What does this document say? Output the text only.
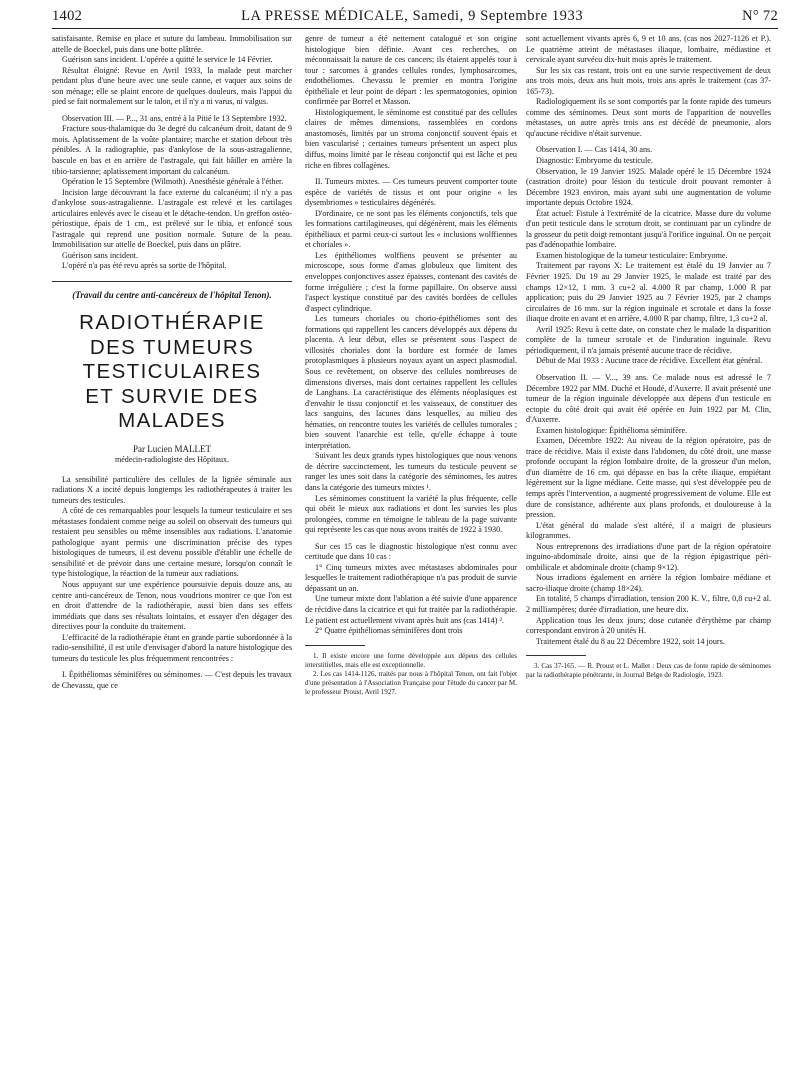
1402	LA PRESSE MÉDICALE, Samedi, 9 Septembre 1933	N° 72

satisfaisante. Remise en place et suture du lambeau. Immobilisation sur attelle de Boeckel, puis dans une botte plâtrée.

Guérison sans incident. L'opérée a quitté le service le 14 Février.

Résultat éloigné: Revue en Avril 1933, la malade peut marcher pendant plus d'une heure avec une seule canne, et vaquer aux soins de son ménage; elle se plaint encore de quelques douleurs, mais l'appui du pied se fait normalement sur le talon, et il n'y a ni varus, ni valgus.

Observation III. — P..., 31 ans, entré à la Pitié le 13 Septembre 1932.

Fracture sous-thalamique du 3e degré du calcanéum droit, datant de 9 mois. Aplatissement de la voûte plantaire; marche et station debout très pénibles. A la radiographie, pas d'ankylose de la sous-astragalienne, bascule en bas et en arrière de l'astragale, qui fait bâiller en arrière la tibio-tarsienne; aplatissement important du calcanéum.

Opération le 15 Septembre (Wilmoth). Anesthésie générale à l'éther.

Incision large découvrant la face externe du calcanéum; il n'y a pas d'ankylose sous-astragalienne. L'astragale est relevé et les cartilages articulaires enlevés avec le ciseau et le détache-tendon. Un greffon ostéo-périostique, épais de 1 cm., est prélevé sur le tibia, et enfoncé sous l'astragale qui reprend une position normale. Suture de la peau. Immobilisation sur attelle de Boeckel, puis dans un plâtre.

Guérison sans incident.

L'opéré n'a pas été revu après sa sortie de l'hôpital.

(Travail du centre anti-cancéreux de l'hôpital Tenon).
RADIOTHÉRAPIE
DES TUMEURS
TESTICULAIRES
ET SURVIE DES MALADES
Par Lucien MALLET
médecin-radiologiste des Hôpitaux.

La sensibilité particulière des cellules de la lignée séminale aux radiations X a incité depuis longtemps les radiothérapeutes à traiter les tumeurs des testicules.

A côté de ces remarquables pour lesquels la tumeur testiculaire et ses métastases fondaient comme neige au soleil on observait des tumeurs qui restaient peu sensibles ou même insensibles aux radiations. L'anatomie pathologique ayant permis une discrimination précise des types histologiques de tumeurs, il est devenu possible d'établir une échelle de sensibilité et de prévoir dans une certaine mesure, lorsqu'on connaît le type histologique, la réaction de la tumeur aux radiations.

Nous appuyant sur une expérience poursuivie depuis douze ans, au centre anti-cancéreux de Tenon, nous voudrions montrer ce que l'on est en droit d'attendre de la radiothérapie, aussi bien dans ses effets immédiats que dans ses résultats lointains, et essayer d'en dégager des directives pour la conduite du traitement.

L'efficacité de la radiothérapie étant en grande partie subordonnée à la radio-sensibilité, il est utile d'envisager d'abord la nature histologique des tumeurs du testicule les plus fréquemment rencontrées :

I. Épithéliomas séminifères ou séminomes. — C'est depuis les travaux de Chevassu, que ce

genre de tumeur a été nettement catalogué et son origine histologique bien définie. Avant ces recherches, on méconnaissait la nature de ces cancers; ils étaient appelés tour à tour : sarcomes à grandes cellules rondes, lymphosarcomes, endothéliomes. Chevassu le premier en montra l'origine épithéliale et leur point de départ : les spermatogonies, opinion confirmée par Borrel et Masson.

Histologiquement, le séminome est constitué par des cellules claires de mêmes dimensions, rassemblées en cordons anastomosés, limités par un stroma conjonctif souvent épais et bien vascularisé ; certaines tumeurs présentent un aspect plus diffus, moins limité par le réseau conjonctif qui est lâche et peu riche en fibres collagènes.

II. Tumeurs mixtes. — Ces tumeurs peuvent comporter toute espèce de variétés de tissus et ont pour origine « les dysembriomes » testiculaires dégénérés.

D'ordinaire, ce ne sont pas les éléments conjonctifs, tels que les formations cartilagineuses, qui dégénèrent, mais les éléments épithéliaux et parmi ceux-ci surtout les « inclusions wolffiennes et choriales ».

Les épithéliomes wolffiens peuvent se présenter au microscope, sous forme d'amas globuleux que limitent des enveloppes conjonctives assez épaisses, contenant des cavités de forme irrégulière ; c'est la forme papillaire. On observe aussi l'aspect kystique constitué par des cavités bordées de cellules d'aspect cylindrique.

Les tumeurs choriales ou chorio-épithéliomes sont des formations qui rappellent les cancers développés aux dépens du placenta. A leur début, elles se présentent sous l'aspect de villosités choriales dont la bordure est formée de lames protoplasmiques à plusieurs noyaux ayant un aspect plasmodial. Sous ce revêtement, on observe des cellules nombreuses de dimensions diverses, mais dont certaines rappellent les cellules de Langhans. La caractéristique des éléments néoplasiques est d'envahir le tissu conjonctif et les vaisseaux, de constituer des lacs sanguins, des lacunes dans lesquelles, au milieu des hématies, on rencontre toutes les variétés de cellules tumorales ; bien souvent l'anarchie est telle, qu'elle échappe à toute interprétation.

Suivant les deux grands types histologiques que nous venons de décrire succinctement, les tumeurs du testicule peuvent se ranger les unes soit dans la catégorie des séminomes, les autres dans la catégorie des tumeurs mixtes ¹.

Les séminomes constituent la variété la plus fréquente, celle qui obéit le mieux aux radiations et dont les survies les plus prolongées, comme en témoigne le tableau de la page suivante qui représente les cas que nous avons traités de 1922 à 1930.

Sur ces 15 cas le diagnostic histologique n'est connu avec certitude que dans 10 cas :

1° Cinq tumeurs mixtes avec métastases abdominales pour lesquelles le traitement radiothérapique n'a pas produit de survie dépassant un an.

Une tumeur mixte dont l'ablation a été suivie d'une apparence de récidive dans la cicatrice et qui fut traitée par la radiothérapie. Le patient est actuellement vivant après huit ans (cas 1414) ².

2° Quatre épithéliomas séminifères dont trois

1. Il existe encore une forme développée aux dépens des cellules interstitielles, mais elle est exceptionnelle.

2. Les cas 1414-1126, traités par nous à l'hôpital Tenon, ont fait l'objet d'une présentation à l'Association Française pour l'étude du cancer par M. le professeur Proust, Avril 1927.

sont actuellement vivants après 6, 9 et 10 ans, (cas nos 2027-1126 et P.). Le quatrième atteint de métastases iliaque, lombaire, médiastine et cervicale ayant survécu dix-huit mois après le traitement.

Sur les six cas restant, trois ont eu une survie respectivement de deux ans trois mois, deux ans huit mois, trois ans après le traitement (cas 37-165-73).

Radiologiquement ils se sont comportés par la fonte rapide des tumeurs comme des séminomes. Deux sont morts de l'apparition de nouvelles métastases, un autre après trois ans est décédé de pneumonie, alors qu'aucune récidive n'était survenue.

Observation I. — Cas 1414, 30 ans.

Diagnostic: Embryome du testicule.

Observation, le 19 Janvier 1925. Malade opéré le 15 Décembre 1924 (castration droite) pour lésion du testicule droit pouvant remonter à Décembre 1923 environ, mais ayant subi une augmentation de volume importante depuis Octobre 1924.

État actuel: Fistule à l'extrémité de la cicatrice. Masse dure du volume d'un petit testicule dans le scrotum droit, se continuant par un cylindre de la grosseur du petit doigt remontant jusqu'à l'orifice inguinal. On ne perçoit pas d'adénopathie lombaire.

Examen histologique de la tumeur testiculaire: Embryome.

Traitement par rayons X: Le traitement est étalé du 19 Janvier au 7 Février 1925. Du 19 au 29 Janvier 1925, le malade est traité par des champs 12×12, 1 mm. 3 cu+2 al. 4.000 R par champ, 1.000 R par application; puis du 29 Janvier 1925 au 7 Février 1925, par 2 champs circulaires de 16 mm. sur la région inguinale et scrotale et dans la fosse iliaque droite en avant et en arrière, 4.000 R par champ, filtre, 1,3 cu+2 al.

Avril 1925: Revu à cette date, on constate chez le malade la disparition complète de la tumeur scrotale et de l'induration inguinale. Revu périodiquement, il n'a jamais présenté aucune trace de récidive.

Début de Mai 1933 : Aucune trace de récidive. Excellent état général.

Observation II. — V..., 39 ans. Ce malade nous est adressé le 7 Décembre 1922 par MM. Duché et Houdé, d'Auxerre. Il avait présenté une tumeur de la région inguinale développée aux dépens d'un testicule en ectopie du côté droit qui avait été opérée en Juin 1922 par M. Clin, d'Auxerre.

Examen histologique: Épithélioma séminifère.

Examen, Décembre 1922: Au niveau de la région opératoire, pas de trace de récidive. Mais il existe dans l'abdomen, du côté droit, une masse profonde occupant la région lombaire droite, de la grosseur d'un melon, d'un diamètre de 16 cm. qui dépasse en bas la crête iliaque, empiétant légèrement sur la ligne médiane. Cette masse, qui s'est développée peu de temps après l'intervention, a augmenté progressivement de volume. Elle est dure de consistance, adhérente aux plans profonds, et douloureuse à la pression.

L'état général du malade s'est altéré, il a maigri de plusieurs kilogrammes.

Nous entreprenons des irradiations d'une part de la région opératoire inguino-abdominale droite, ainsi que de la région épigastrique péri-ombilicale et abdominale droite (champ 9×12).

Nous irradions également en arrière la région lombaire médiane et sacro-iliaque droite (champ 18×24).

En totalité, 5 champs d'irradiation, tension 200 K. V., filtre, 0,8 cu+2 al. 2 milliampères; durée d'irradiation, une heure dix.

Application tous les deux jours; dose cutanée d'érythème par champ correspondant environ à 20 unités H.

Traitement étalé du 8 au 22 Décembre 1922, soit 14 jours.

3. Cas 37-165. — R. Proust et L. Mallet : Deux cas de fonte rapide de séminomes par la radiothérapie pénétrante, in Journal Belge de Radiologie, 1923.
